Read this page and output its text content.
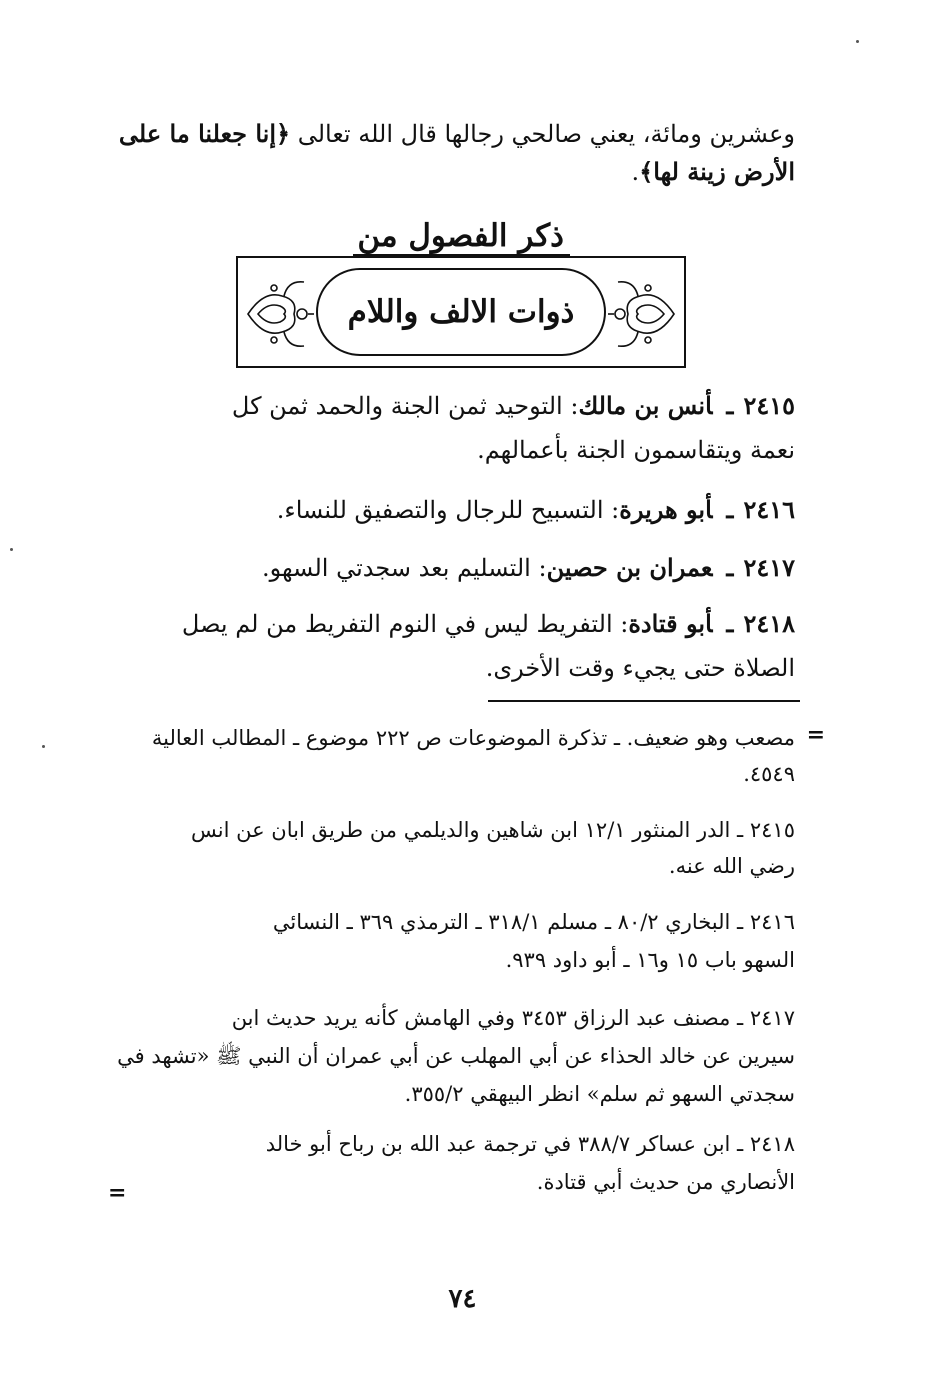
وعشرين ومائة، يعني صالحي رجالها قال الله تعالى ﴿إنا جعلنا ما على
الأرض زينة لها﴾.
ذكر الفصول من
ذوات الالف واللام
٢٤١٥ـأنس بن مالك: التوحيد ثمن الجنة والحمد ثمن كل
نعمة ويتقاسمون الجنة بأعمالهم.
٢٤١٦ـأبو هريرة: التسبيح للرجال والتصفيق للنساء.
٢٤١٧ـعمران بن حصين: التسليم بعد سجدتي السهو.
٢٤١٨ـأبو قتادة: التفريط ليس في النوم التفريط من لم يصل
الصلاة حتى يجيء وقت الأخرى.
=
مصعب وهو ضعيف. ـ تذكرة الموضوعات ص ٢٢٢ موضوع ـ المطالب العالية
٤٥٤٩.
٢٤١٥ ـ الدر المنثور ١٢/١ ابن شاهين والديلمي من طريق ابان عن انس
رضي الله عنه.
٢٤١٦ ـ البخاري ٨٠/٢ ـ مسلم ٣١٨/١ ـ الترمذي ٣٦٩ ـ النسائي
السهو باب ١٥ و١٦ ـ أبو داود ٩٣٩.
٢٤١٧ ـ مصنف عبد الرزاق ٣٤٥٣ وفي الهامش كأنه يريد حديث ابن
سيرين عن خالد الحذاء عن أبي المهلب عن أبي عمران أن النبي ﷺ «تشهد في
سجدتي السهو ثم سلم» انظر البيهقي ٣٥٥/٢.
٢٤١٨ ـ ابن عساكر ٣٨٨/٧ في ترجمة عبد الله بن رباح أبو خالد
الأنصاري من حديث أبي قتادة.
=
٧٤
